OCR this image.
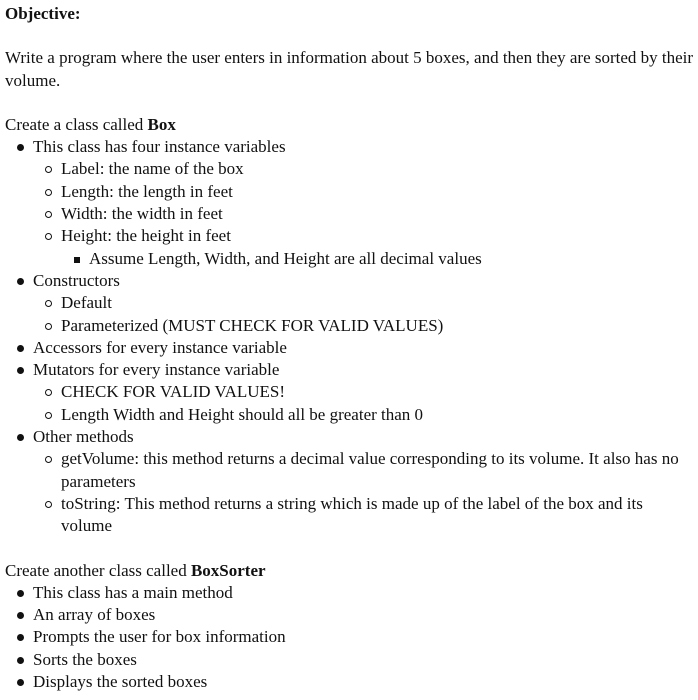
Objective:

Write a program where the user enters in information about 5 boxes, and then they are sorted by their volume.

Create a class called Box

This class has four instance variables
Label: the name of the box
Length: the length in feet
Width: the width in feet
Height: the height in feet
Assume Length, Width, and Height are all decimal values
Constructors
Default
Parameterized (MUST CHECK FOR VALID VALUES)
Accessors for every instance variable
Mutators for every instance variable
CHECK FOR VALID VALUES!
Length Width and Height should all be greater than 0
Other methods
getVolume: this method returns a decimal value corresponding to its volume. It also has no parameters
toString: This method returns a string which is made up of the label of the box and its volume

Create another class called BoxSorter

This class has a main method
An array of boxes
Prompts the user for box information
Sorts the boxes
Displays the sorted boxes
